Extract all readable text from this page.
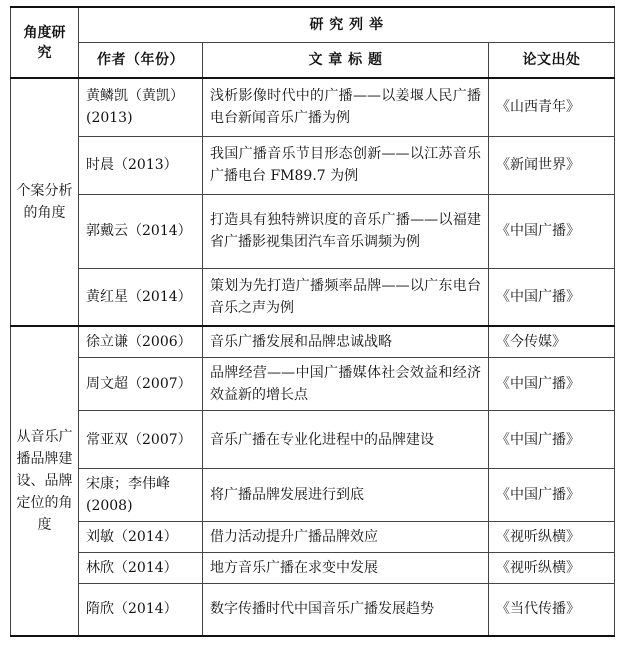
角度研究	研 究 列 举		
	作者（年份）	文 章 标 题	论文出处
个案分析的角度	黄鳞凯（黄凯）(2013)	浅析影像时代中的广播——以姜堰人民广播电台新闻音乐广播为例	《山西青年》
	时晨（2013）	我国广播音乐节目形态创新——以江苏音乐广播电台 FM89.7 为例	《新闻世界》
	郭戴云（2014）	打造具有独特辨识度的音乐广播——以福建省广播影视集团汽车音乐调频为例	《中国广播》
	黄红星（2014）	策划为先打造广播频率品牌——以广东电台音乐之声为例	《中国广播》
从音乐广播品牌建设、品牌定位的角度	徐立谦（2006）	音乐广播发展和品牌忠诚战略	《今传媒》
	周文超（2007）	品牌经营——中国广播媒体社会效益和经济效益新的增长点	《中国广播》
	常亚双（2007）	音乐广播在专业化进程中的品牌建设	《中国广播》
	宋康；李伟峰(2008)	将广播品牌发展进行到底	《中国广播》
	刘敏（2014）	借力活动提升广播品牌效应	《视听纵横》
	林欣（2014）	地方音乐广播在求变中发展	《视听纵横》
	隋欣（2014）	数字传播时代中国音乐广播发展趋势	《当代传播》
